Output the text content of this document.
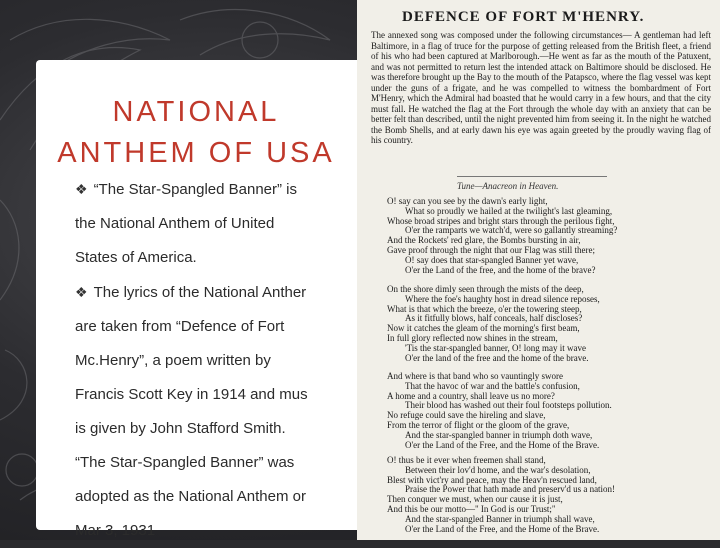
NATIONAL
ANTHEM OF USA
❖ “The Star-Spangled Banner” is
the National Anthem of United
States of America.
❖ The lyrics of the National Anther
are taken from “Defence of Fort
Mc.Henry”, a poem written by
Francis Scott Key in 1914 and mus
is given by John Stafford Smith.
“The Star-Spangled Banner” was
adopted as the National Anthem or
Mar 3, 1931
DEFENCE OF FORT M'HENRY.
The annexed song was composed under the following circumstances— A gentleman had left Baltimore, in a flag of truce for the purpose of getting released from the British fleet, a friend of his who had been captured at Marlborough.—He went as far as the mouth of the Patuxent, and was not permitted to return lest the intended attack on Baltimore should be disclosed. He was therefore brought up the Bay to the mouth of the Patapsco, where the flag vessel was kept under the guns of a frigate, and he was compelled to witness the bombardment of Fort M'Henry, which the Admiral had boasted that he would carry in a few hours, and that the city must fall. He watched the flag at the Fort through the whole day with an anxiety that can be better felt than described, until the night prevented him from seeing it. In the night he watched the Bomb Shells, and at early dawn his eye was again greeted by the proudly waving flag of his country.
Tune—Anacreon in Heaven.
O! say can you see by the dawn's early light,
What so proudly we hailed at the twilight's last gleaming,
Whose broad stripes and bright stars through the perilous fight,
O'er the ramparts we watch'd, were so gallantly streaming?
And the Rockets' red glare, the Bombs bursting in air,
Gave proof through the night that our Flag was still there;
O! say does that star-spangled Banner yet wave,
O'er the Land of the free, and the home of the brave?
On the shore dimly seen through the mists of the deep,
Where the foe's haughty host in dread silence reposes,
What is that which the breeze, o'er the towering steep,
As it fitfully blows, half conceals, half discloses?
Now it catches the gleam of the morning's first beam,
In full glory reflected now shines in the stream,
'Tis the star-spangled banner, O! long may it wave
O'er the land of the free and the home of the brave.
And where is that band who so vauntingly swore
That the havoc of war and the battle's confusion,
A home and a country, shall leave us no more?
Their blood has washed out their foul footsteps pollution.
No refuge could save the hireling and slave,
From the terror of flight or the gloom of the grave,
And the star-spangled banner in triumph doth wave,
O'er the Land of the Free, and the Home of the Brave.
O! thus be it ever when freemen shall stand,
Between their lov'd home, and the war's desolation,
Blest with vict'ry and peace, may the Heav'n rescued land,
Praise the Power that hath made and preserv'd us a nation!
Then conquer we must, when our cause it is just,
And this be our motto—" In God is our Trust;"
And the star-spangled Banner in triumph shall wave,
O'er the Land of the Free, and the Home of the Brave.
